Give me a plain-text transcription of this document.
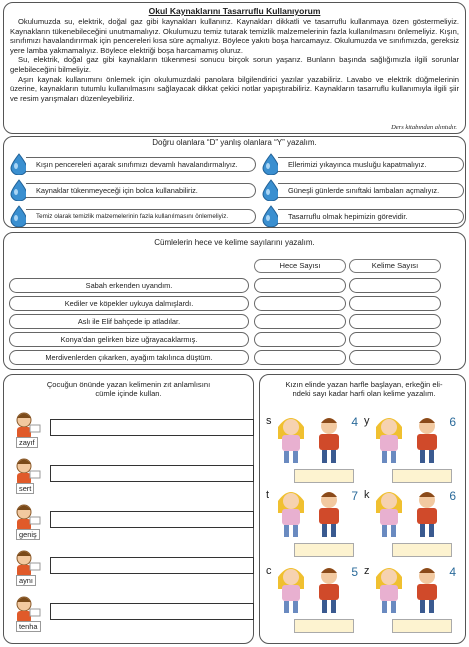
Okul Kaynaklarını Tasarruflu Kullanıyorum

Okulumuzda su, elektrik, doğal gaz gibi kaynakları kullanırız. Kaynakları dikkatli ve tasarruflu kullanmaya özen göstermeliyiz. Kaynakların tükenebileceğini unutmamalıyız. Okulumuzu temiz tutarak temizlik malzemelerinin fazla kullanılmasını önlemeliyiz. Kışın, sınıfımızı havalandırırmak için pencereleri kısa süre açmalıyız. Böylece yakıtı boşa harcamayız. Okulumuzda ve sınıfımızda, gereksiz yere lamba yakmamalıyız. Böylece elektriği boşa harcamamış oluruz.

Su, elektrik, doğal gaz gibi kaynakların tükenmesi sonucu birçok sorun yaşarız. Bunların başında sağlığımızla ilgili sorunlar gelebileceğini bilmeliyiz.

Aşırı kaynak kullanımını önlemek için okulumuzdaki panolara bilgilendirici yazılar yazabiliriz. Lavabo ve elektrik düğmelerinin üzerine, kaynakların tutumlu kullanılmasını sağlayacak dikkat çekici notlar yapıştırabiliriz. Kaynakların tasarruflu kullanımıyla ilgili şiir ve resim yarışmaları düzenleyebiliriz.

Ders kitabından alıntıdır.
Doğru olanlara “D” yanlış olanlara “Y” yazalım.
Kışın pencereleri açarak sınıfımızı devamlı havalandırmalıyız.	Ellerimizi yıkayınca musluğu kapatmalıyız.
Kaynaklar tükenmeyeceği için bolca kullanabiliriz.	Güneşli günlerde sınıftaki lambaları açmalıyız.
Temiz olarak temizlik malzemelerinin fazla kullanılmasını önlemeliyiz.	Tasarruflu olmak hepimizin görevidir.
Cümlelerin hece ve kelime sayılarını yazalım.
Hece Sayısı	Kelime Sayısı
Sabah erkenden uyandım.
Kediler ve köpekler uykuya dalmışlardı.
Aslı ile Elif bahçede ip atladılar.
Konya’dan gelirken bize uğrayacaklarmış.
Merdivenlerden çıkarken, ayağım takılınca düştüm.
Çocuğun önünde yazan kelimenin zıt anlamlısını
cümle içinde kullan.
zayıf
sert
geniş
aynı
tenha
Kızın elinde yazan harfle başlayan, erkeğin eli-
ndeki sayı kadar harfi olan kelime yazalım.
s	4 y	6
t	7 k	6
c	5 z	4
